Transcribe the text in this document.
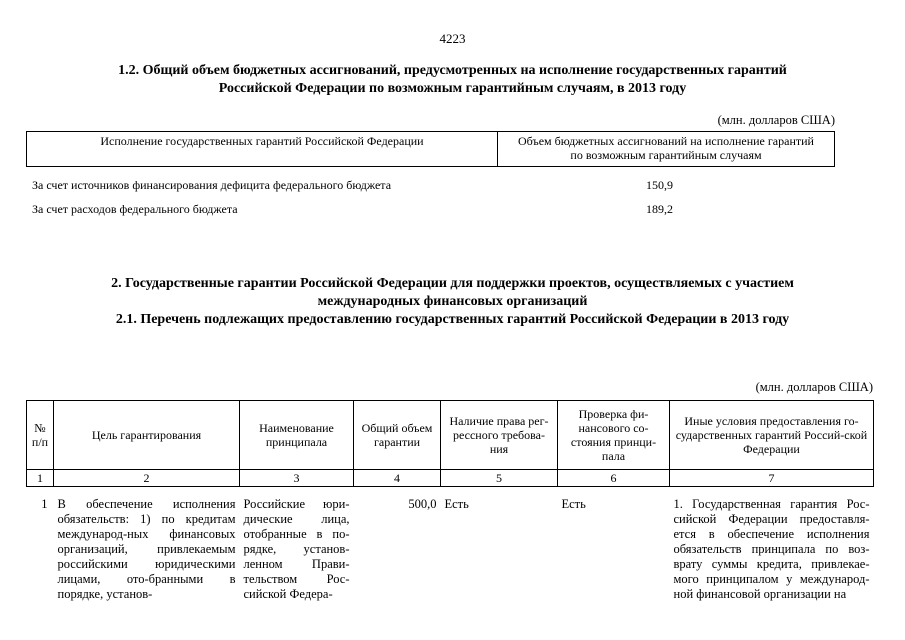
4223
1.2. Общий объем бюджетных ассигнований, предусмотренных на исполнение государственных гарантий
Российской Федерации по возможным гарантийным случаям, в 2013 году
(млн. долларов США)
Исполнение государственных гарантий Российской Федерации	Объем бюджетных ассигнований на исполнение гарантий
по возможным гарантийным случаям
За счет источников финансирования дефицита федерального бюджета	150,9
За счет расходов федерального бюджета	189,2
2. Государственные гарантии Российской Федерации для поддержки проектов, осуществляемых с участием
международных финансовых организаций
2.1. Перечень подлежащих предоставлению государственных гарантий Российской Федерации в 2013 году
(млн. долларов США)
№ п/п	Цель гарантирования	Наименование принципала	Общий объем гарантии	Наличие права рег-рессного требова-ния	Проверка фи-нансового со-стояния принци-пала	Иные условия предоставления го-сударственных гарантий Россий-ской Федерации
1	2	3	4	5	6	7
1	В обеспечение исполнения обязательств: 1) по кредитам международ-ных финансовых организаций, привлекаемым российскими юридическими лицами, ото-бранными в порядке, установ-	Российские юри-дические лица, отобранные в по-рядке, установ-ленном Прави-тельством Рос-сийской Федера-	500,0	Есть	Есть	1. Государственная гарантия Рос-сийской Федерации предоставля-ется в обеспечение исполнения обязательств принципала по воз-врату суммы кредита, привлекае-мого принципалом у международ-ной финансовой организации на
